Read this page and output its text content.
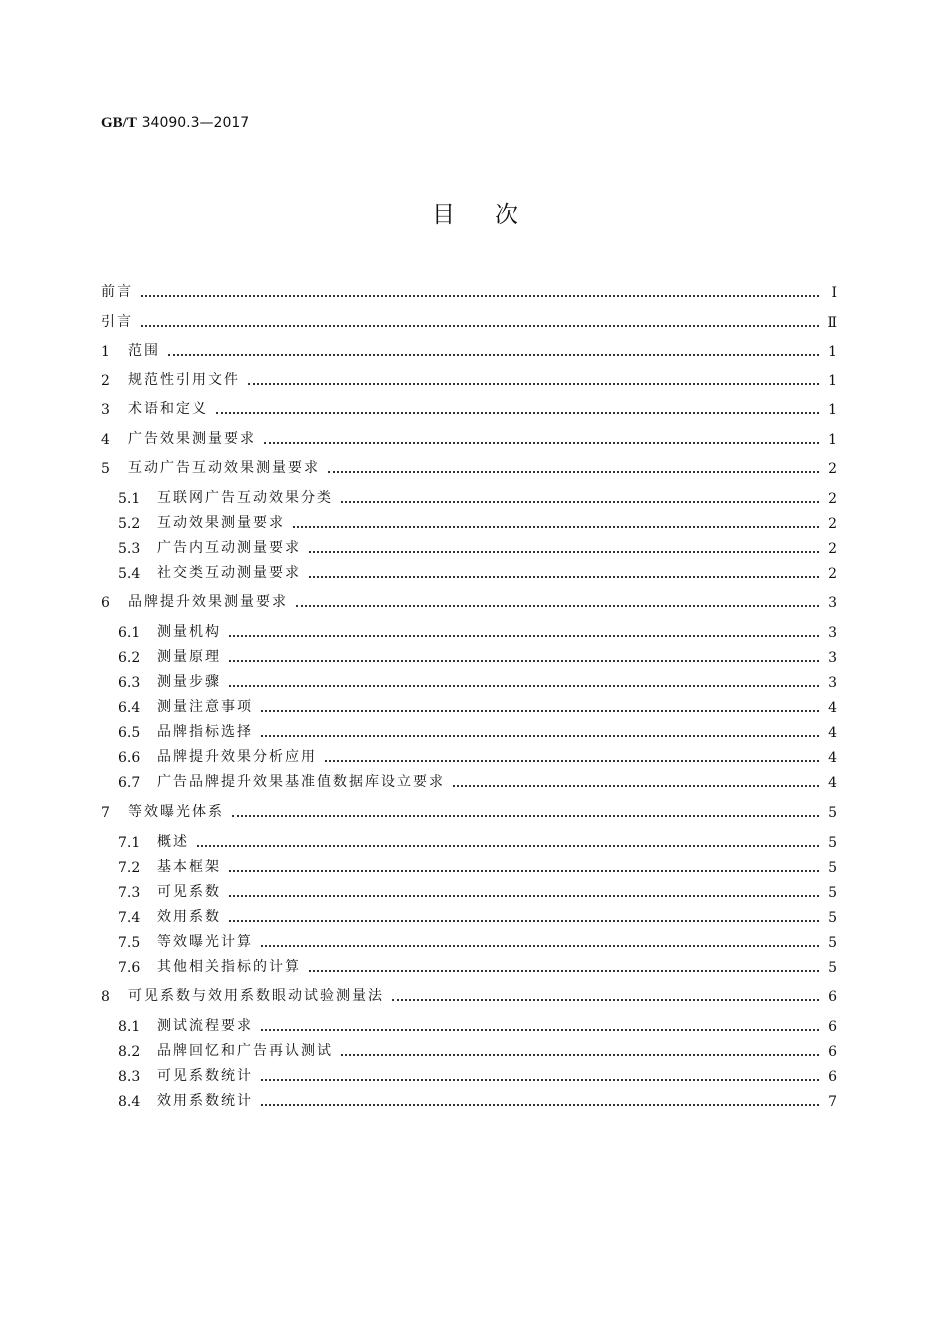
GB/T 34090.3—2017
目次
前言	Ⅰ
引言	Ⅱ
1	范围	1
2	规范性引用文件	1
3	术语和定义	1
4	广告效果测量要求	1
5	互动广告互动效果测量要求	2
5.1	互联网广告互动效果分类	2
5.2	互动效果测量要求	2
5.3	广告内互动测量要求	2
5.4	社交类互动测量要求	2
6	品牌提升效果测量要求	3
6.1	测量机构	3
6.2	测量原理	3
6.3	测量步骤	3
6.4	测量注意事项	4
6.5	品牌指标选择	4
6.6	品牌提升效果分析应用	4
6.7	广告品牌提升效果基准值数据库设立要求	4
7	等效曝光体系	5
7.1	概述	5
7.2	基本框架	5
7.3	可见系数	5
7.4	效用系数	5
7.5	等效曝光计算	5
7.6	其他相关指标的计算	5
8	可见系数与效用系数眼动试验测量法	6
8.1	测试流程要求	6
8.2	品牌回忆和广告再认测试	6
8.3	可见系数统计	6
8.4	效用系数统计	7
